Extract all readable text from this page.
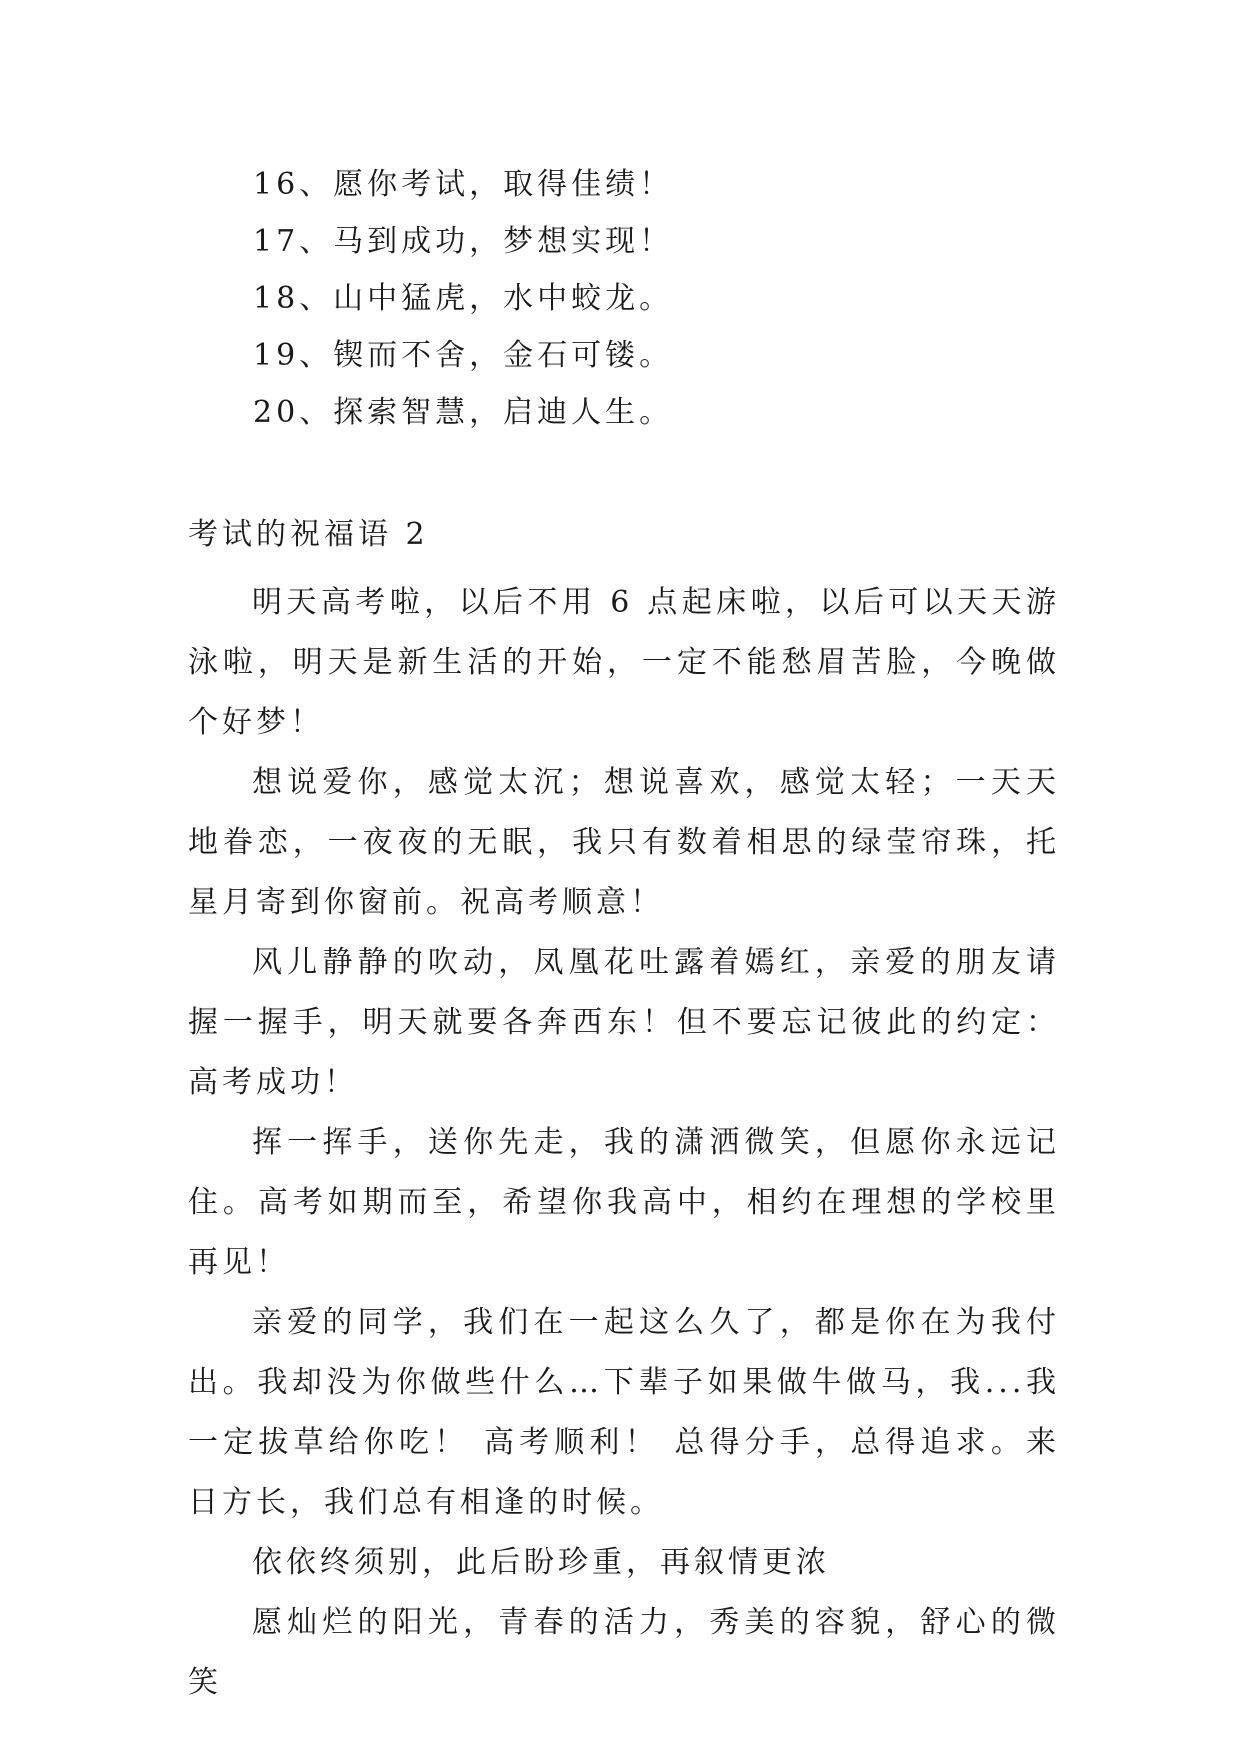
16、愿你考试，取得佳绩！
17、马到成功，梦想实现！
18、山中猛虎，水中蛟龙。
19、锲而不舍，金石可镂。
20、探索智慧，启迪人生。
考试的祝福语 2

明天高考啦，以后不用 6 点起床啦，以后可以天天游泳啦，明天是新生活的开始，一定不能愁眉苦脸，今晚做个好梦！

想说爱你，感觉太沉；想说喜欢，感觉太轻；一天天地眷恋，一夜夜的无眠，我只有数着相思的绿莹帘珠，托星月寄到你窗前。祝高考顺意！

风儿静静的吹动，凤凰花吐露着嫣红，亲爱的朋友请握一握手，明天就要各奔西东！但不要忘记彼此的约定：高考成功！

挥一挥手，送你先走，我的潇洒微笑，但愿你永远记住。高考如期而至，希望你我高中，相约在理想的学校里再见！

亲爱的同学，我们在一起这么久了，都是你在为我付出。我却没为你做些什么…下辈子如果做牛做马，我...我一定拔草给你吃！ 高考顺利！ 总得分手，总得追求。来日方长，我们总有相逢的时候。

依依终须别，此后盼珍重，再叙情更浓

愿灿烂的阳光，青春的活力，秀美的容貌，舒心的微笑
